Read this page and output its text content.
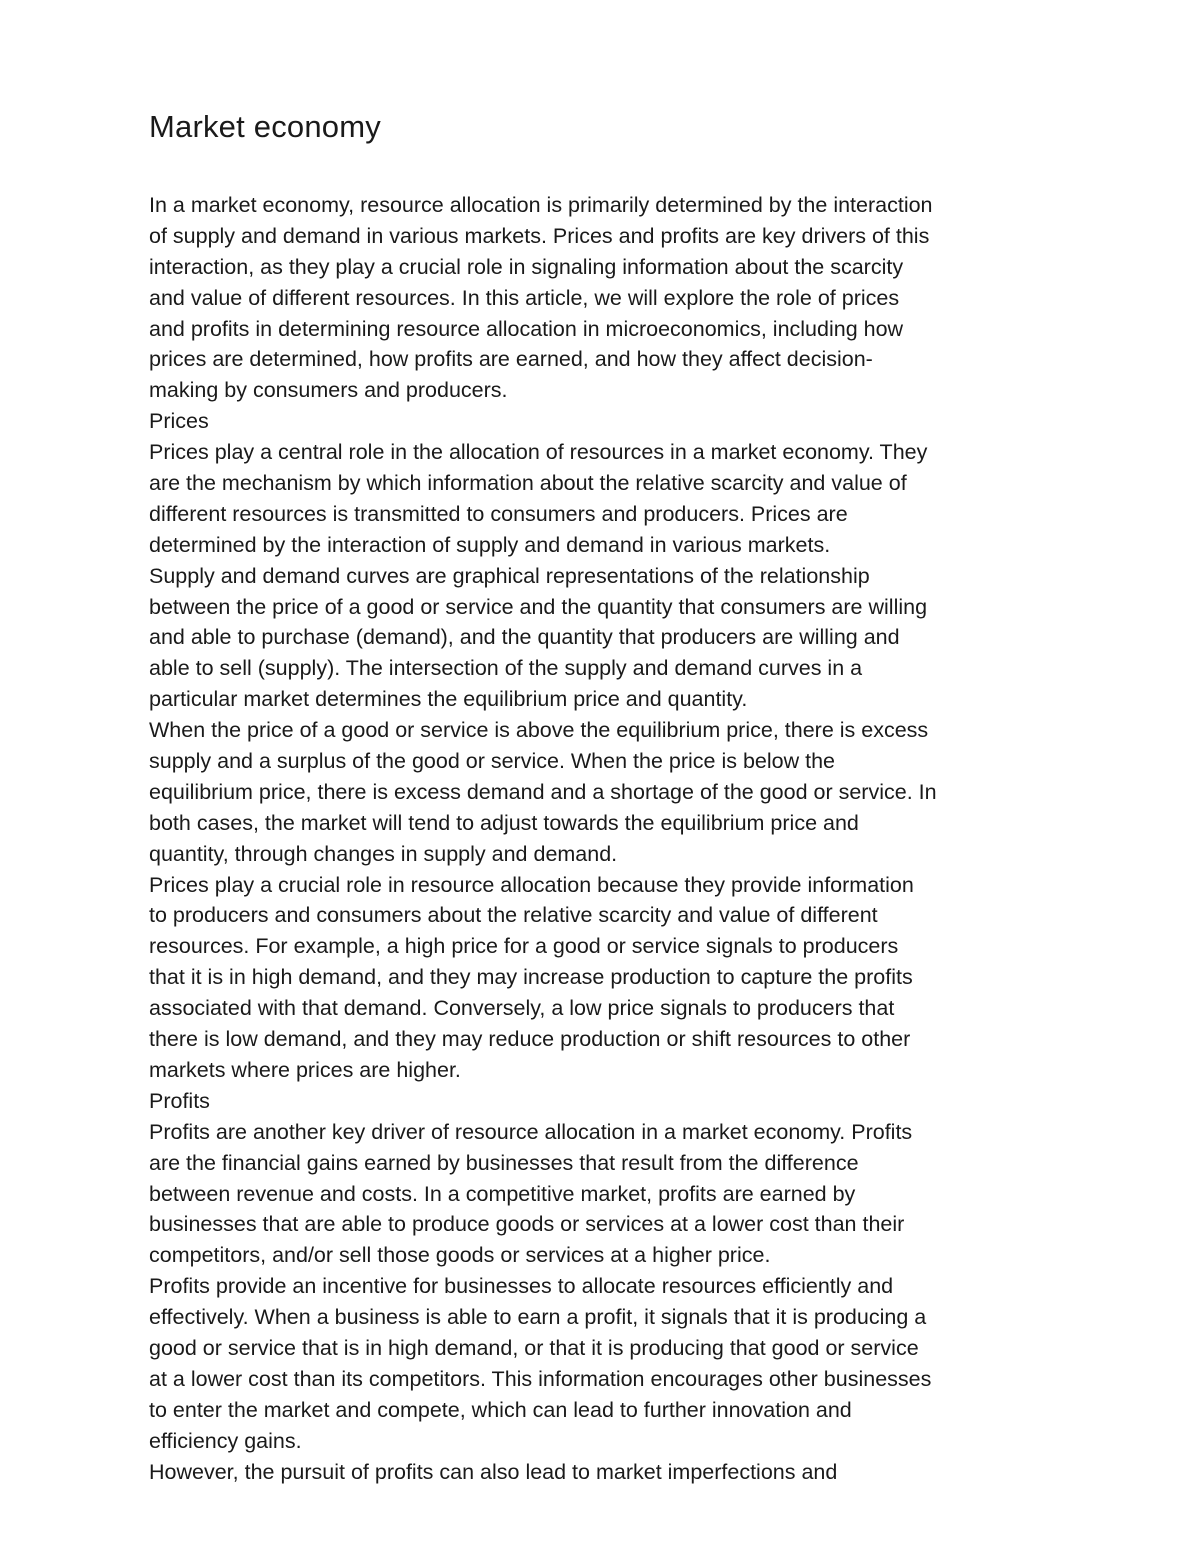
Market economy
In a market economy, resource allocation is primarily determined by the interaction
of supply and demand in various markets. Prices and profits are key drivers of this
interaction, as they play a crucial role in signaling information about the scarcity
and value of different resources. In this article, we will explore the role of prices
and profits in determining resource allocation in microeconomics, including how
prices are determined, how profits are earned, and how they affect decision-
making by consumers and producers.
Prices
Prices play a central role in the allocation of resources in a market economy. They
are the mechanism by which information about the relative scarcity and value of
different resources is transmitted to consumers and producers. Prices are
determined by the interaction of supply and demand in various markets.
Supply and demand curves are graphical representations of the relationship
between the price of a good or service and the quantity that consumers are willing
and able to purchase (demand), and the quantity that producers are willing and
able to sell (supply). The intersection of the supply and demand curves in a
particular market determines the equilibrium price and quantity.
When the price of a good or service is above the equilibrium price, there is excess
supply and a surplus of the good or service. When the price is below the
equilibrium price, there is excess demand and a shortage of the good or service. In
both cases, the market will tend to adjust towards the equilibrium price and
quantity, through changes in supply and demand.
Prices play a crucial role in resource allocation because they provide information
to producers and consumers about the relative scarcity and value of different
resources. For example, a high price for a good or service signals to producers
that it is in high demand, and they may increase production to capture the profits
associated with that demand. Conversely, a low price signals to producers that
there is low demand, and they may reduce production or shift resources to other
markets where prices are higher.
Profits
Profits are another key driver of resource allocation in a market economy. Profits
are the financial gains earned by businesses that result from the difference
between revenue and costs. In a competitive market, profits are earned by
businesses that are able to produce goods or services at a lower cost than their
competitors, and/or sell those goods or services at a higher price.
Profits provide an incentive for businesses to allocate resources efficiently and
effectively. When a business is able to earn a profit, it signals that it is producing a
good or service that is in high demand, or that it is producing that good or service
at a lower cost than its competitors. This information encourages other businesses
to enter the market and compete, which can lead to further innovation and
efficiency gains.
However, the pursuit of profits can also lead to market imperfections and
